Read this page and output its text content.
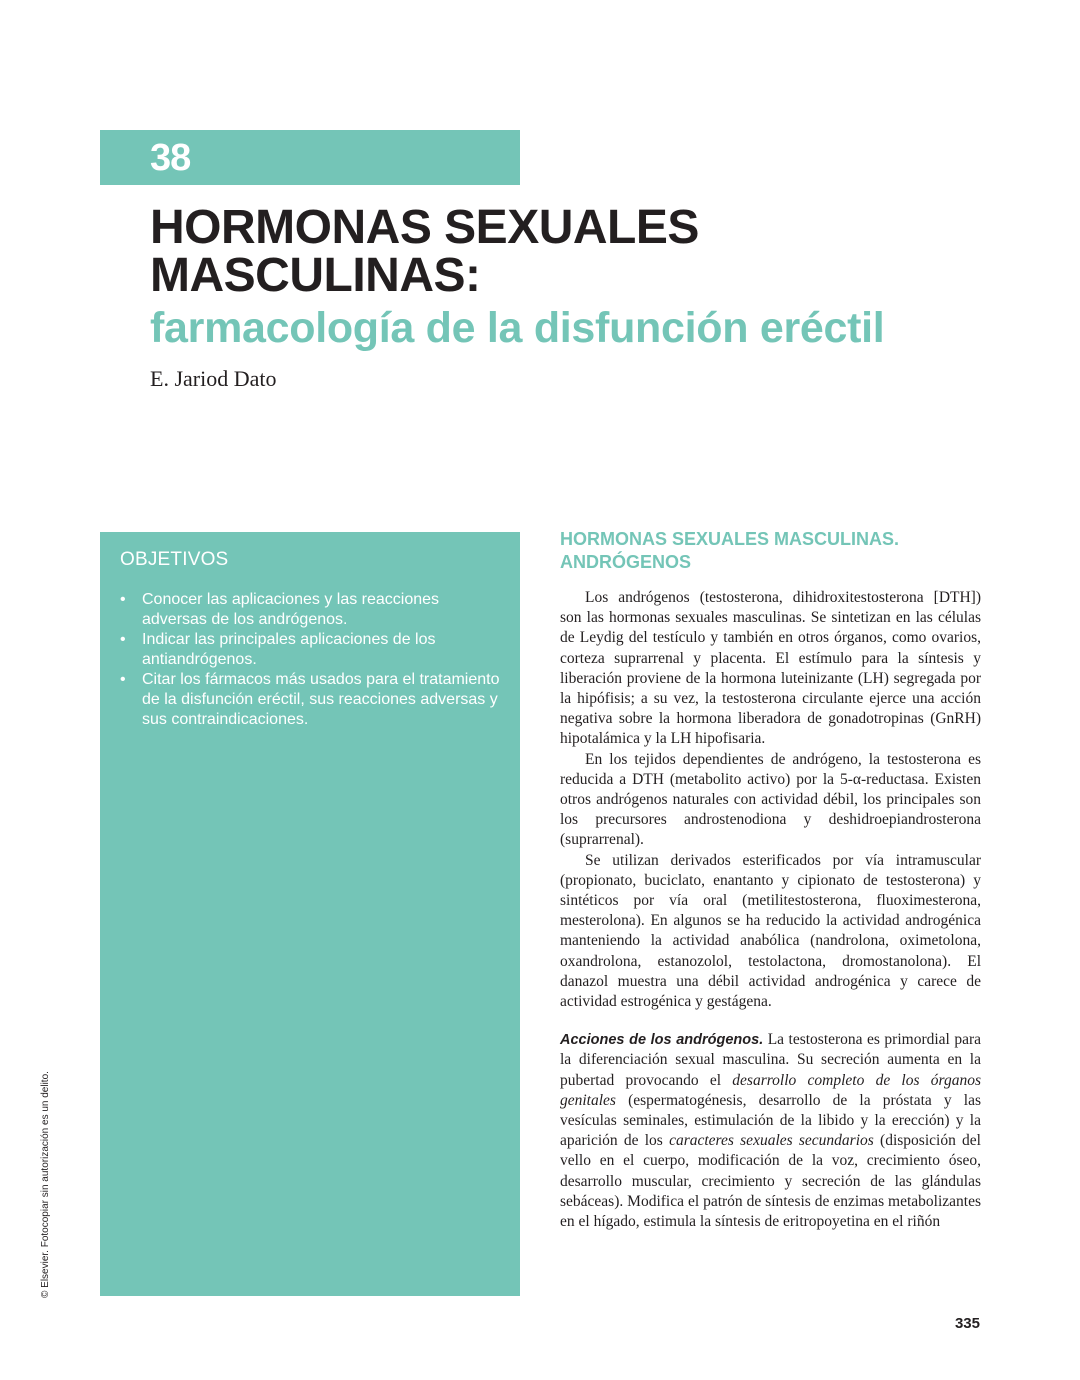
38
HORMONAS SEXUALES
MASCULINAS:
farmacología de la disfunción eréctil
E. Jariod Dato
OBJETIVOS
• Conocer las aplicaciones y las reacciones adversas de los andrógenos.
• Indicar las principales aplicaciones de los antiandrógenos.
• Citar los fármacos más usados para el tratamiento de la disfunción eréctil, sus reacciones adversas y sus contraindicaciones.
© Elsevier. Fotocopiar sin autorización es un delito.
HORMONAS SEXUALES MASCULINAS.
ANDRÓGENOS

Los andrógenos (testosterona, dihidroxitestosterona [DTH]) son las hormonas sexuales masculinas. Se sintetizan en las células de Leydig del testículo y también en otros órganos, como ovarios, corteza suprarrenal y placenta. El estímulo para la síntesis y liberación proviene de la hormona luteinizante (LH) segregada por la hipófisis; a su vez, la testosterona circulante ejerce una acción negativa sobre la hormona liberadora de gonadotropinas (GnRH) hipotalámica y la LH hipofisaria.

En los tejidos dependientes de andrógeno, la testosterona es reducida a DTH (metabolito activo) por la 5-α-reductasa. Existen otros andrógenos naturales con actividad débil, los principales son los precursores androstenodiona y deshidroepiandrosterona (suprarrenal).

Se utilizan derivados esterificados por vía intramuscular (propionato, buciclato, enantanto y cipionato de testosterona) y sintéticos por vía oral (metilitestosterona, fluoximesterona, mesterolona). En algunos se ha reducido la actividad androgénica manteniendo la actividad anabólica (nandrolona, oximetolona, oxandrolona, estanozolol, testolactona, dromostanolona). El danazol muestra una débil actividad androgénica y carece de actividad estrogénica y gestágena.

Acciones de los andrógenos. La testosterona es primordial para la diferenciación sexual masculina. Su secreción aumenta en la pubertad provocando el desarrollo completo de los órganos genitales (espermatogénesis, desarrollo de la próstata y las vesículas seminales, estimulación de la libido y la erección) y la aparición de los caracteres sexuales secundarios (disposición del vello en el cuerpo, modificación de la voz, crecimiento óseo, desarrollo muscular, crecimiento y secreción de las glándulas sebáceas). Modifica el patrón de síntesis de enzimas metabolizantes en el hígado, estimula la síntesis de eritropoyetina en el riñón

335
